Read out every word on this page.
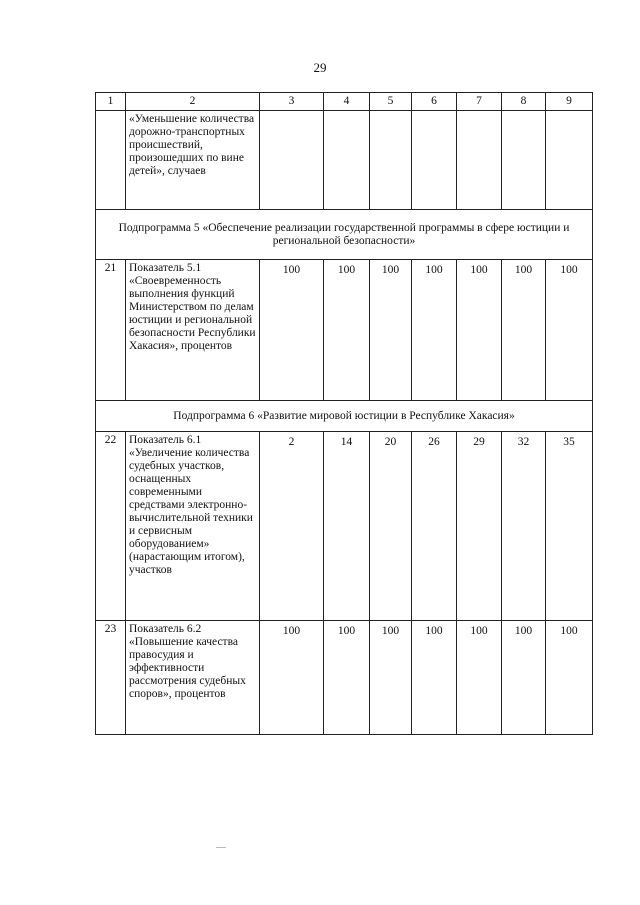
29
1	2	3	4	5	6	7	8	9
	«Уменьшение количества дорожно-транспортных происшествий, произошедших по вине детей», случаев							
Подпрограмма 5 «Обеспечение реализации государственной программы в сфере юстиции и региональной безопасности»								
21	Показатель 5.1 «Своевременность выполнения функций Министерством по делам юстиции и региональной безопасности Республики Хакасия», процентов	100	100	100	100	100	100	100
Подпрограмма 6 «Развитие мировой юстиции в Республике Хакасия»								
22	Показатель 6.1 «Увеличение количества судебных участков, оснащенных современными средствами электронно-вычислительной техники и сервисным оборудованием» (нарастающим итогом), участков	2	14	20	26	29	32	35
23	Показатель 6.2 «Повышение качества правосудия и эффективности рассмотрения судебных споров», процентов	100	100	100	100	100	100	100
